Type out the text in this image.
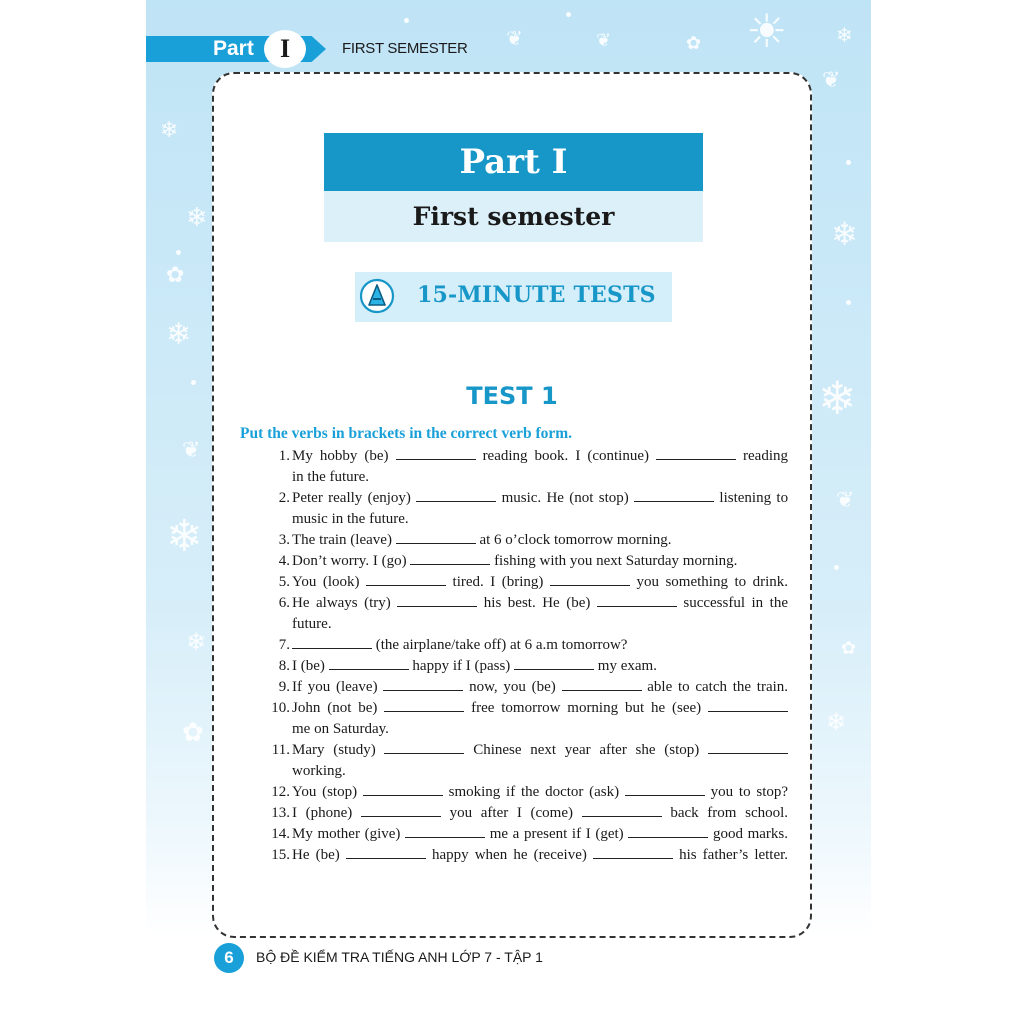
❄
❄
❄
❄
❄
❄
❄
❄
❄
☀
❦	❦
❦
❦
❦
✿
✿
✿
✿
Part	I	FIRST SEMESTER
Part I
First semester
15-MINUTE TESTS
TEST 1
Put the verbs in brackets in the correct verb form.
1. My hobby (be)	reading book. I (continue)	reading
in the future.
2. Peter really (enjoy)	music. He (not stop)	listening to
music in the future.
3. The train (leave)	at 6 o’clock tomorrow morning.
4. Don’t worry. I (go)	fishing with you next Saturday morning.
5. You (look)	tired. I (bring)	you something to drink.
6. He always (try)	his best. He (be)	successful in the future.
7.	(the airplane/take off) at 6 a.m tomorrow?
8. I (be)	happy if I (pass)	my exam.
9. If you (leave)	now, you (be)	able to catch the train.
10. John (not be)	free tomorrow morning but he (see)
me on Saturday.
11. Mary (study)	Chinese next year after she (stop)  working.
12. You (stop)	smoking if the doctor (ask)	you to stop?
13. I (phone)	you after I (come)	back from school.
14. My mother (give)	me a present if I (get)	good marks.
15. He (be)	happy when he (receive)	his father’s letter.
6	BỘ ĐỀ KIỂM TRA TIẾNG ANH LỚP 7 - TẬP 1
